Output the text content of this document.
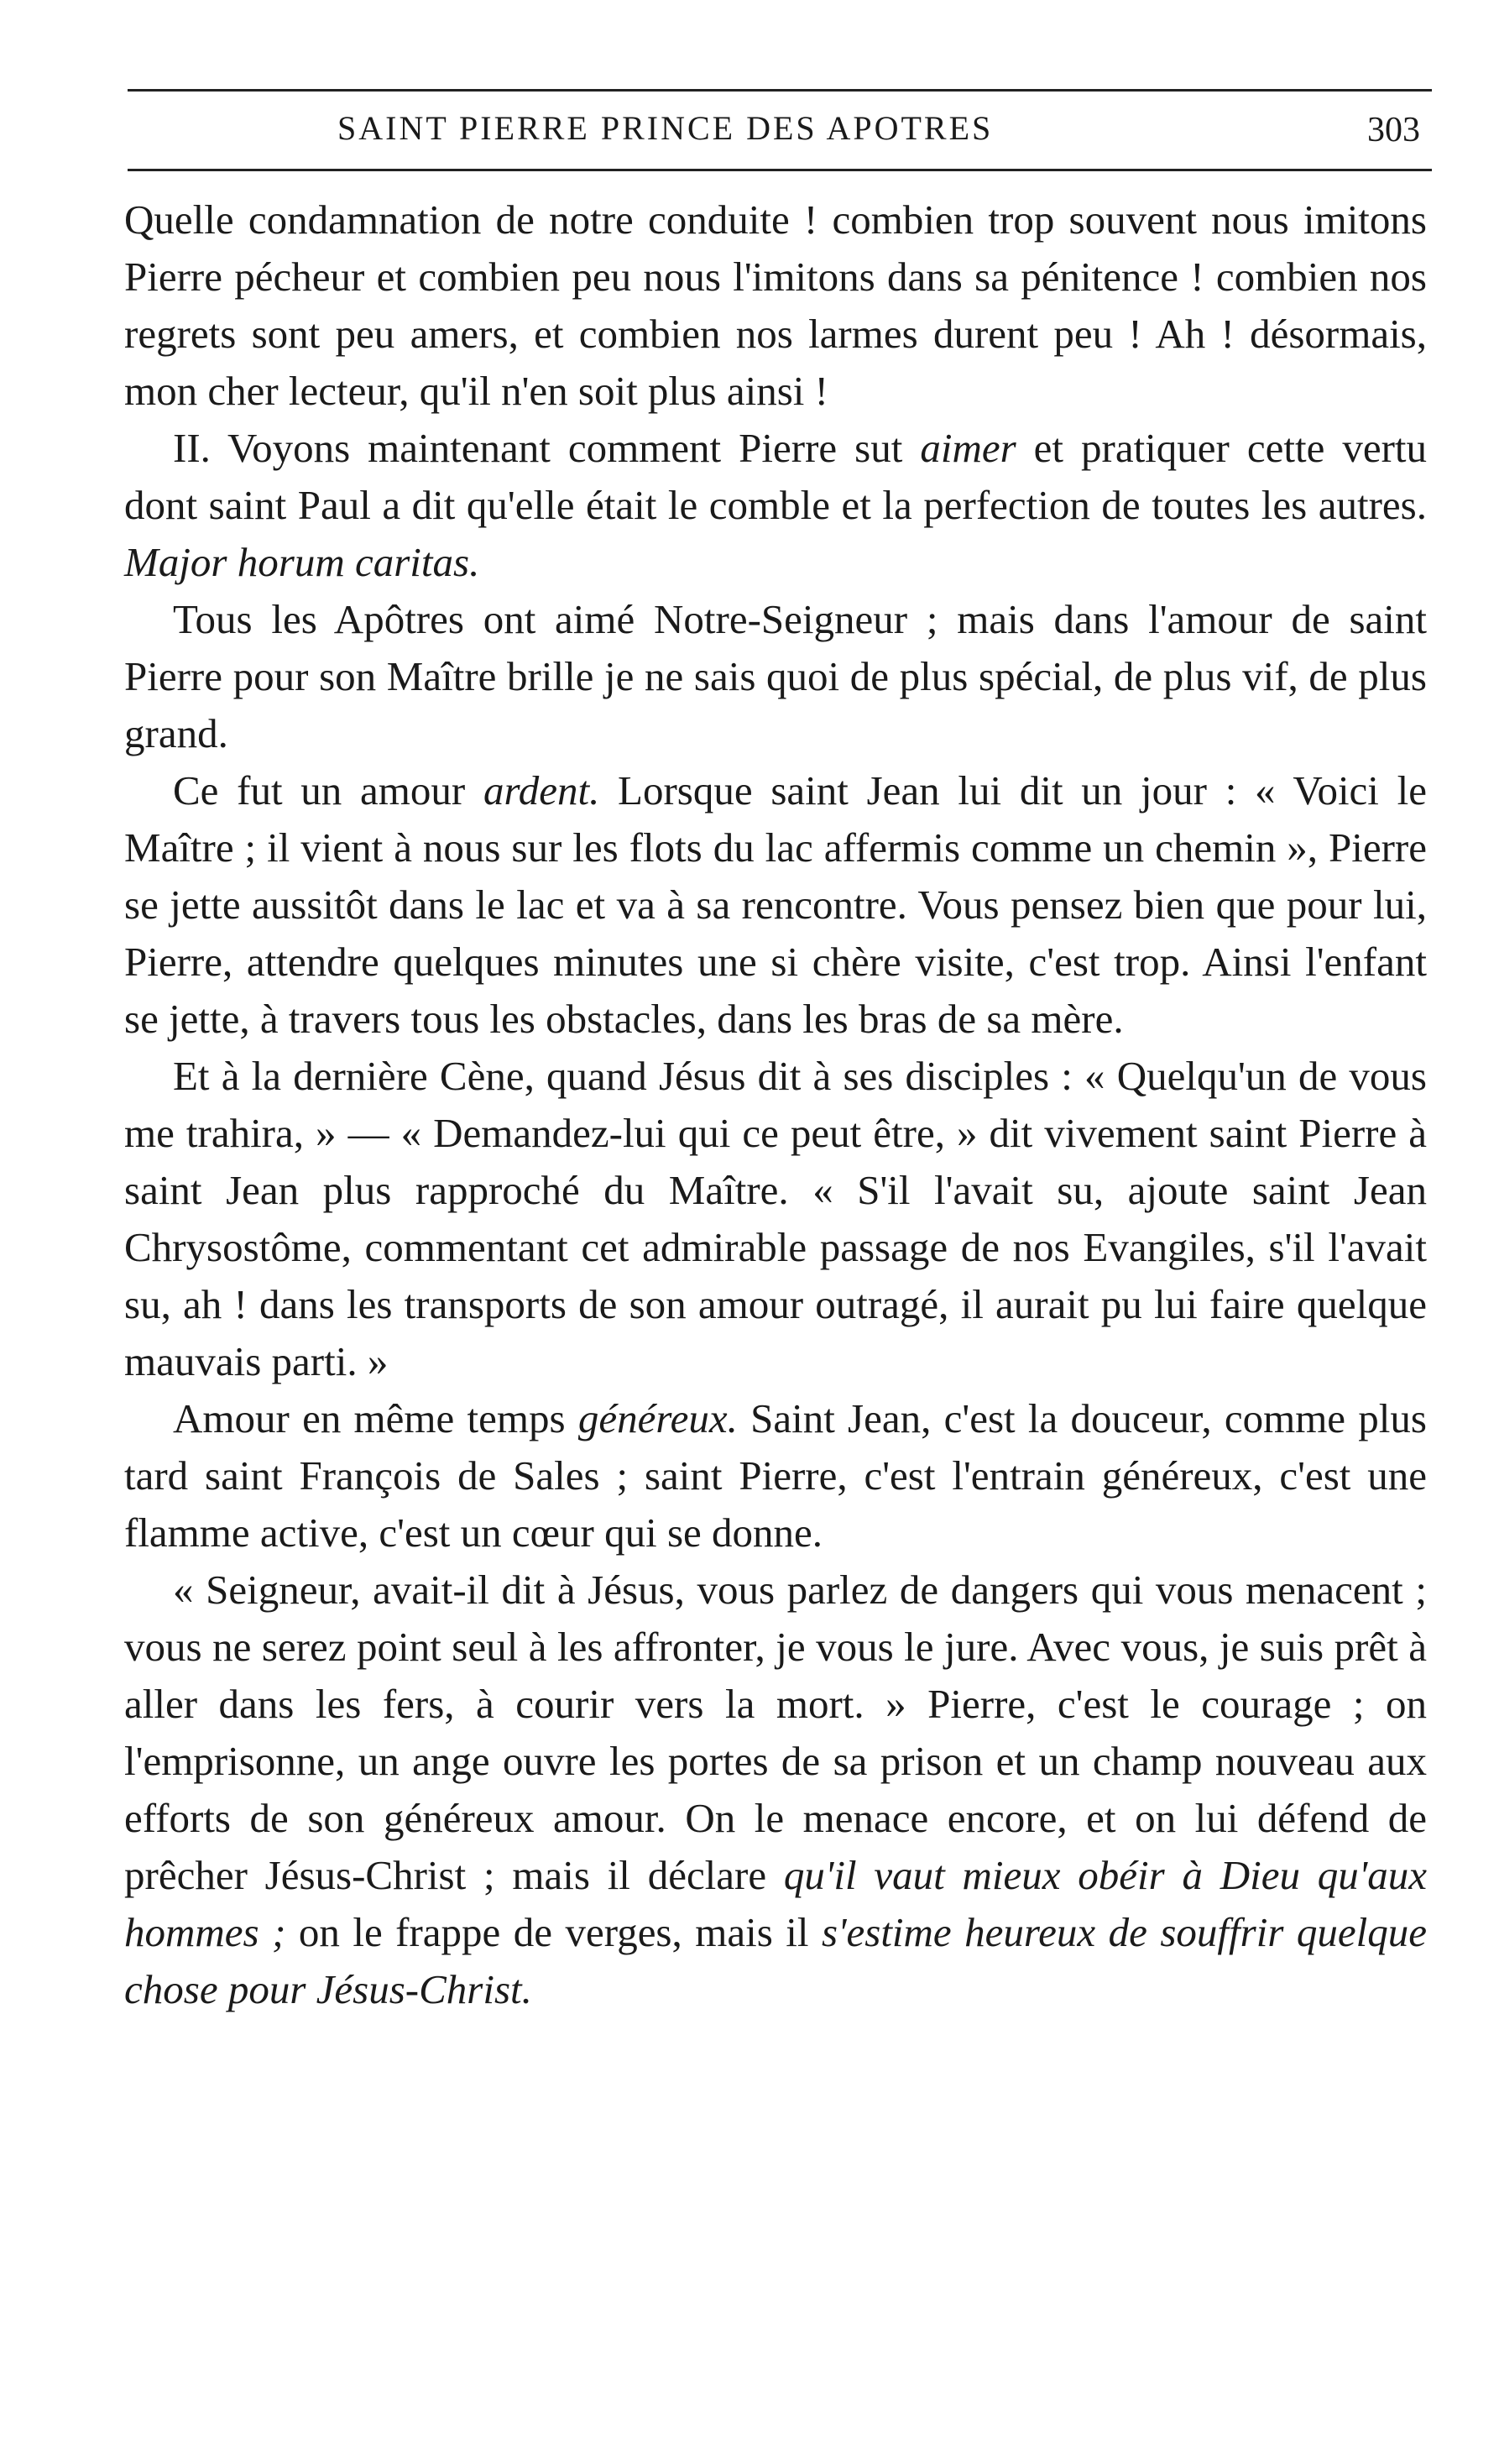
SAINT PIERRE PRINCE DES APOTRES	303

Quelle condamnation de notre conduite ! combien trop souvent nous imitons Pierre pécheur et combien peu nous l'imitons dans sa pénitence ! combien nos regrets sont peu amers, et combien nos larmes durent peu ! Ah ! désormais, mon cher lecteur, qu'il n'en soit plus ainsi !

II. Voyons maintenant comment Pierre sut aimer et pratiquer cette vertu dont saint Paul a dit qu'elle était le comble et la perfection de toutes les autres. Major horum caritas.

Tous les Apôtres ont aimé Notre-Seigneur ; mais dans l'amour de saint Pierre pour son Maître brille je ne sais quoi de plus spécial, de plus vif, de plus grand.

Ce fut un amour ardent. Lorsque saint Jean lui dit un jour : « Voici le Maître ; il vient à nous sur les flots du lac affermis comme un chemin », Pierre se jette aussitôt dans le lac et va à sa rencontre. Vous pensez bien que pour lui, Pierre, attendre quelques minutes une si chère visite, c'est trop. Ainsi l'enfant se jette, à travers tous les obstacles, dans les bras de sa mère.

Et à la dernière Cène, quand Jésus dit à ses disciples : « Quelqu'un de vous me trahira, » — « Demandez-lui qui ce peut être, » dit vivement saint Pierre à saint Jean plus rapproché du Maître. « S'il l'avait su, ajoute saint Jean Chrysostôme, commentant cet admirable passage de nos Evangiles, s'il l'avait su, ah ! dans les transports de son amour outragé, il aurait pu lui faire quelque mauvais parti. »

Amour en même temps généreux. Saint Jean, c'est la douceur, comme plus tard saint François de Sales ; saint Pierre, c'est l'entrain généreux, c'est une flamme active, c'est un cœur qui se donne.

« Seigneur, avait-il dit à Jésus, vous parlez de dangers qui vous menacent ; vous ne serez point seul à les affronter, je vous le jure. Avec vous, je suis prêt à aller dans les fers, à courir vers la mort. » Pierre, c'est le courage ; on l'emprisonne, un ange ouvre les portes de sa prison et un champ nouveau aux efforts de son généreux amour. On le menace encore, et on lui défend de prêcher Jésus-Christ ; mais il déclare qu'il vaut mieux obéir à Dieu qu'aux hommes ; on le frappe de verges, mais il s'estime heureux de souffrir quelque chose pour Jésus-Christ.
